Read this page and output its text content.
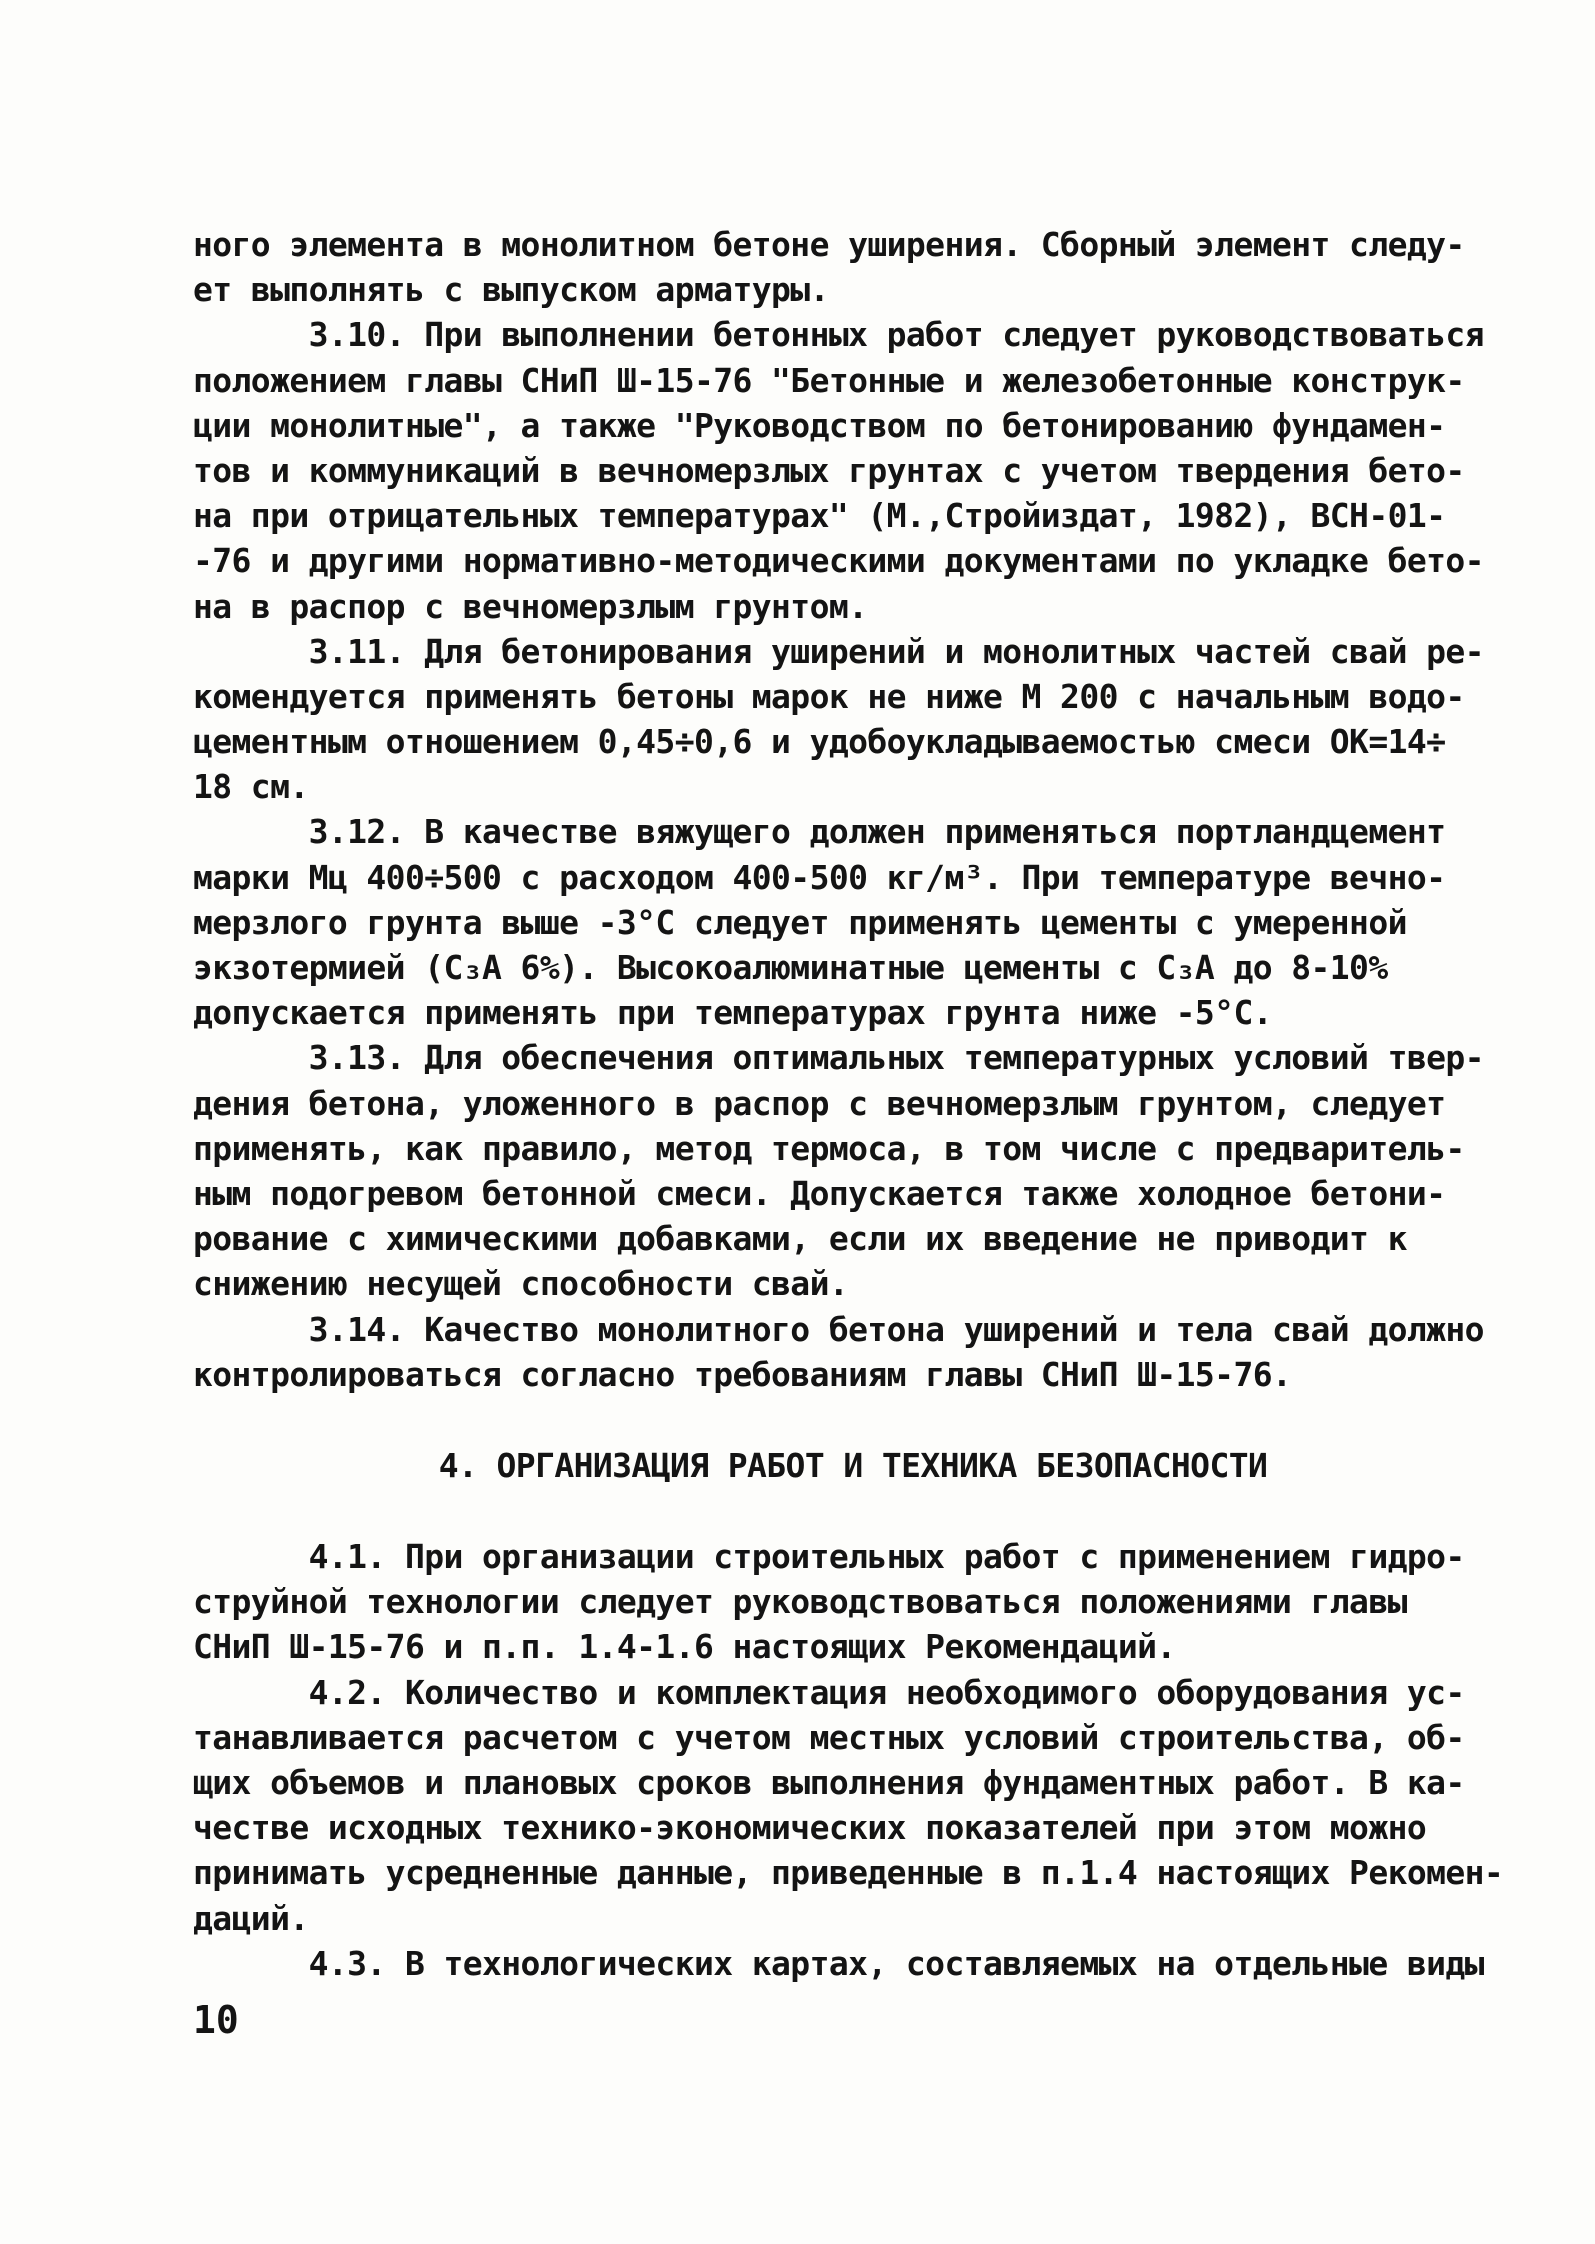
ного элемента в монолитном бетоне уширения. Сборный элемент следу-
ет выполнять с выпуском арматуры.
3.10. При выполнении бетонных работ следует руководствоваться
положением главы СНиП Ш-15-76 "Бетонные и железобетонные конструк-
ции монолитные", а также "Руководством по бетонированию фундамен-
тов и коммуникаций в вечномерзлых грунтах с учетом твердения бето-
на при отрицательных температурах" (М.,Стройиздат, 1982), ВСН-01-
-76 и другими нормативно-методическими документами по укладке бето-
на в распор с вечномерзлым грунтом.
3.11. Для бетонирования уширений и монолитных частей свай ре-
комендуется применять бетоны марок не ниже М 200 с начальным водо-
цементным отношением 0,45÷0,6 и удобоукладываемостью смеси ОК=14÷
18 см.
3.12. В качестве вяжущего должен применяться портландцемент
марки Мц 400÷500 с расходом 400-500 кг/м³. При температуре вечно-
мерзлого грунта выше -3°С следует применять цементы с умеренной
экзотермией (C₃A 6%). Высокоалюминатные цементы с C₃A до 8-10%
допускается применять при температурах грунта ниже -5°С.
3.13. Для обеспечения оптимальных температурных условий твер-
дения бетона, уложенного в распор с вечномерзлым грунтом, следует
применять, как правило, метод термоса, в том числе с предваритель-
ным подогревом бетонной смеси. Допускается также холодное бетони-
рование с химическими добавками, если их введение не приводит к
снижению несущей способности свай.
3.14. Качество монолитного бетона уширений и тела свай должно
контролироваться согласно требованиям главы СНиП Ш-15-76.
4. ОРГАНИЗАЦИЯ РАБОТ И ТЕХНИКА БЕЗОПАСНОСТИ
4.1. При организации строительных работ с применением гидро-
струйной технологии следует руководствоваться положениями главы
СНиП Ш-15-76 и п.п. 1.4-1.6 настоящих Рекомендаций.
4.2. Количество и комплектация необходимого оборудования ус-
танавливается расчетом с учетом местных условий строительства, об-
щих объемов и плановых сроков выполнения фундаментных работ. В ка-
честве исходных технико-экономических показателей при этом можно
принимать усредненные данные, приведенные в п.1.4 настоящих Рекомен-
даций.
4.3. В технологических картах, составляемых на отдельные виды
10
